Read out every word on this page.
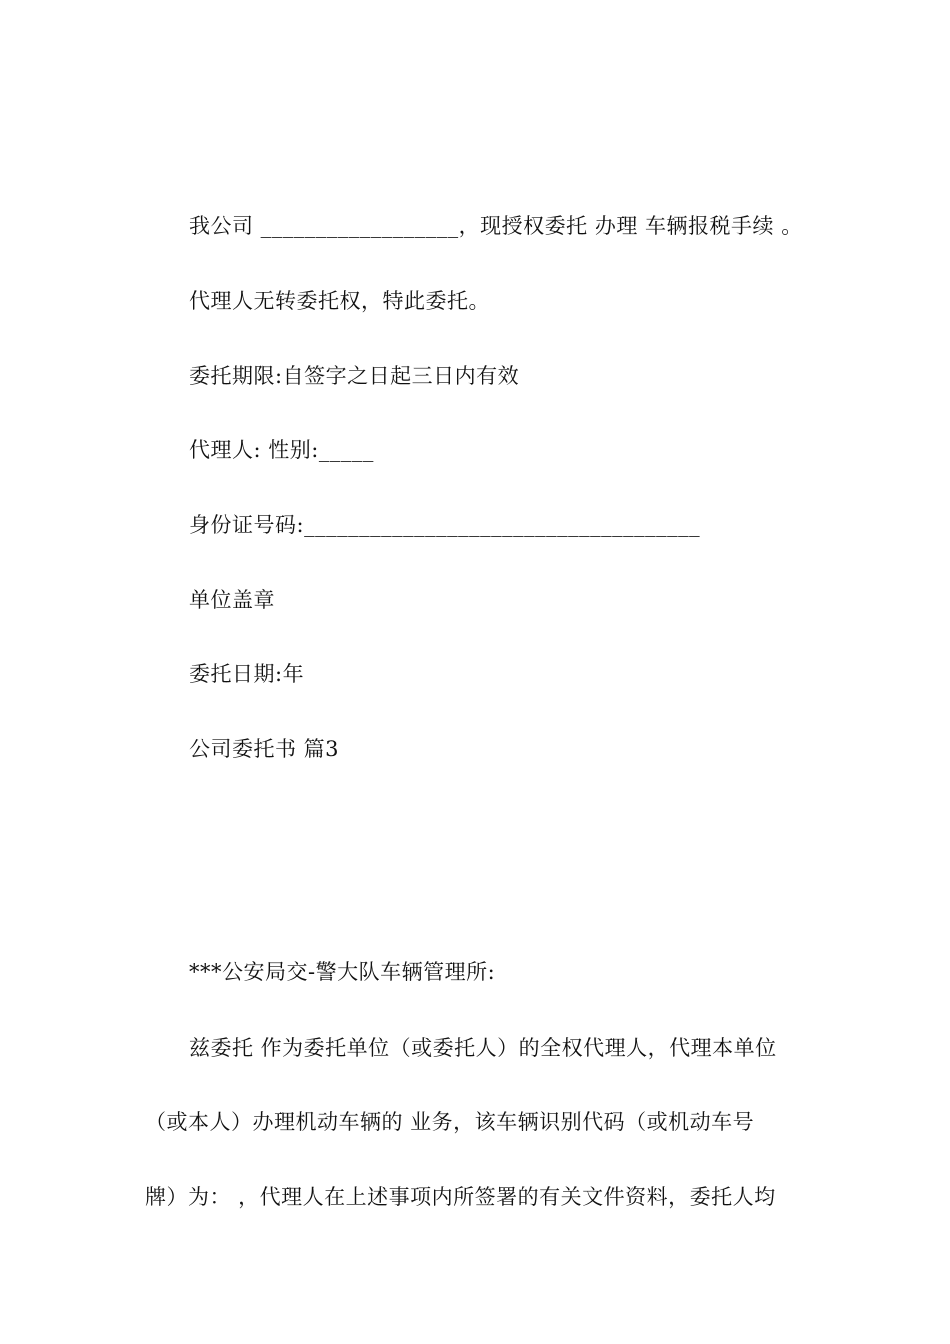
我公司 __________________，现授权委托 办理 车辆报税手续 。
代理人无转委托权，特此委托。
委托期限:自签字之日起三日内有效
代理人: 性别:_____
身份证号码:____________________________________
单位盖章
委托日期:年
公司委托书 篇3
***公安局交-警大队车辆管理所:
兹委托 作为委托单位（或委托人）的全权代理人，代理本单位
（或本人）办理机动车辆的 业务，该车辆识别代码（或机动车号
牌）为： ，代理人在上述事项内所签署的有关文件资料，委托人均
